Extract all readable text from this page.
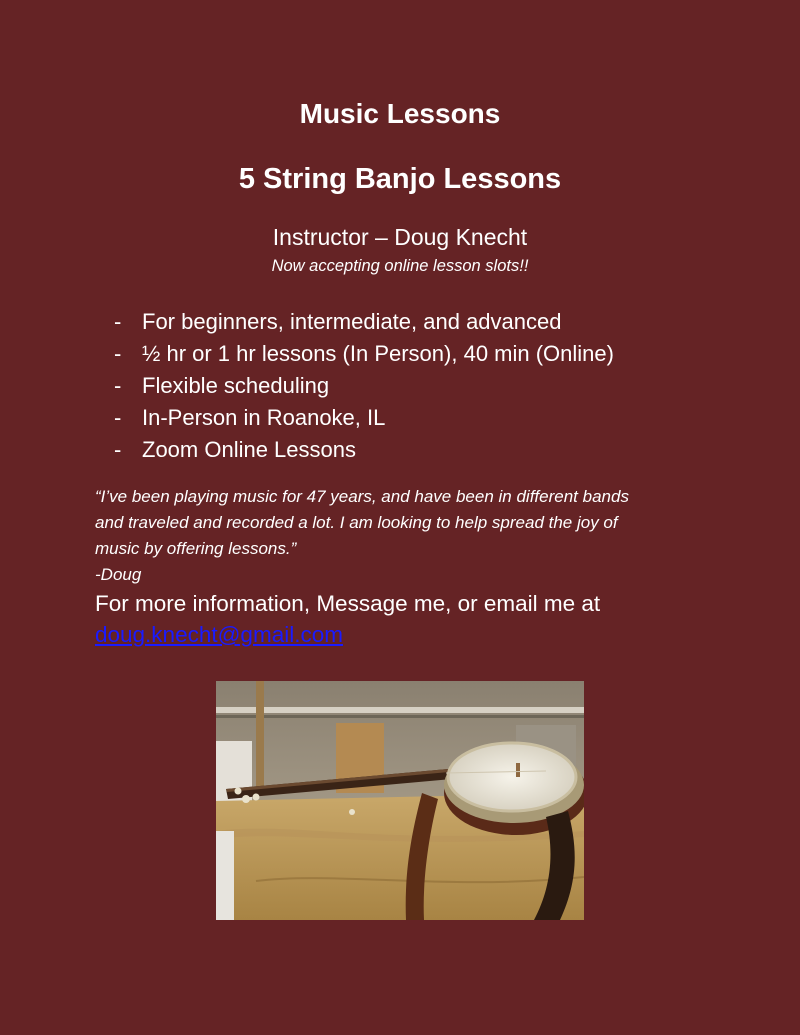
Music Lessons
5 String Banjo Lessons
Instructor – Doug Knecht
Now accepting online lesson slots!!
- For beginners, intermediate, and advanced
- ½ hr or 1 hr lessons (In Person), 40 min (Online)
- Flexible scheduling
- In-Person in Roanoke, IL
- Zoom Online Lessons
“I’ve been playing music for 47 years, and have been in different bands
and traveled and recorded a lot. I am looking to help spread the joy of
music by offering lessons.”
-Doug
For more information, Message me, or email me at
doug.knecht@gmail.com
